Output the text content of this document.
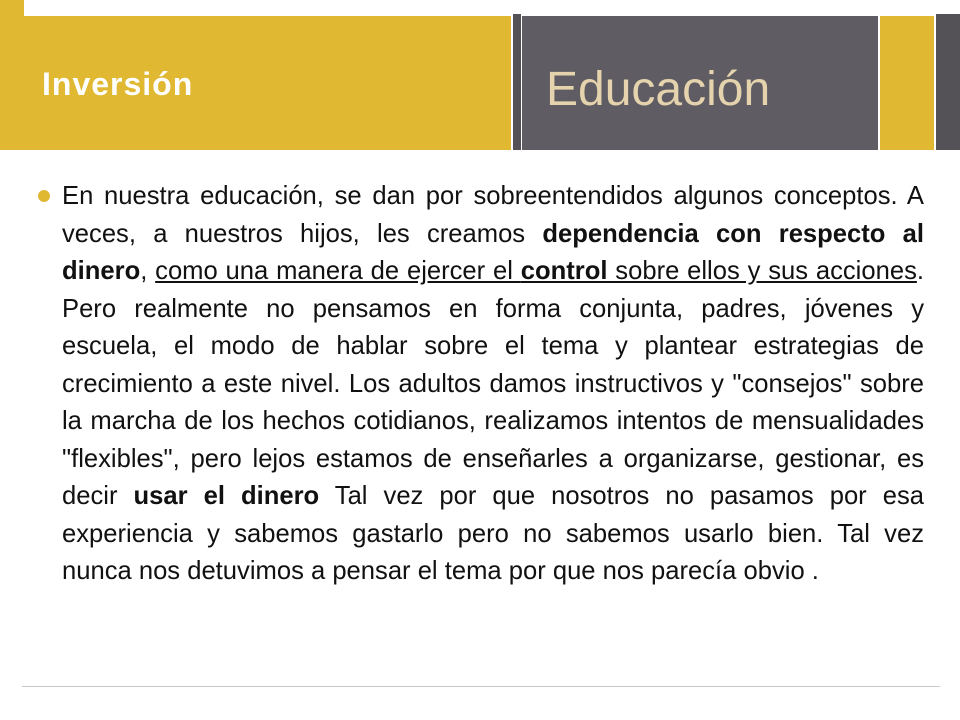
Inversión	Educación
En nuestra educación, se dan por sobreentendidos algunos conceptos. A veces, a nuestros hijos, les creamos dependencia con respecto al dinero, como una manera de ejercer el control sobre ellos y sus acciones. Pero realmente no pensamos en forma conjunta, padres, jóvenes y escuela, el modo de hablar sobre el tema y plantear estrategias de crecimiento a este nivel. Los adultos damos instructivos y "consejos" sobre la marcha de los hechos cotidianos, realizamos intentos de mensualidades "flexibles", pero lejos estamos de enseñarles a organizarse, gestionar, es decir usar el dinero Tal vez por que nosotros no pasamos por esa experiencia y sabemos gastarlo pero no sabemos usarlo bien. Tal vez nunca nos detuvimos a pensar el tema por que nos parecía obvio .
